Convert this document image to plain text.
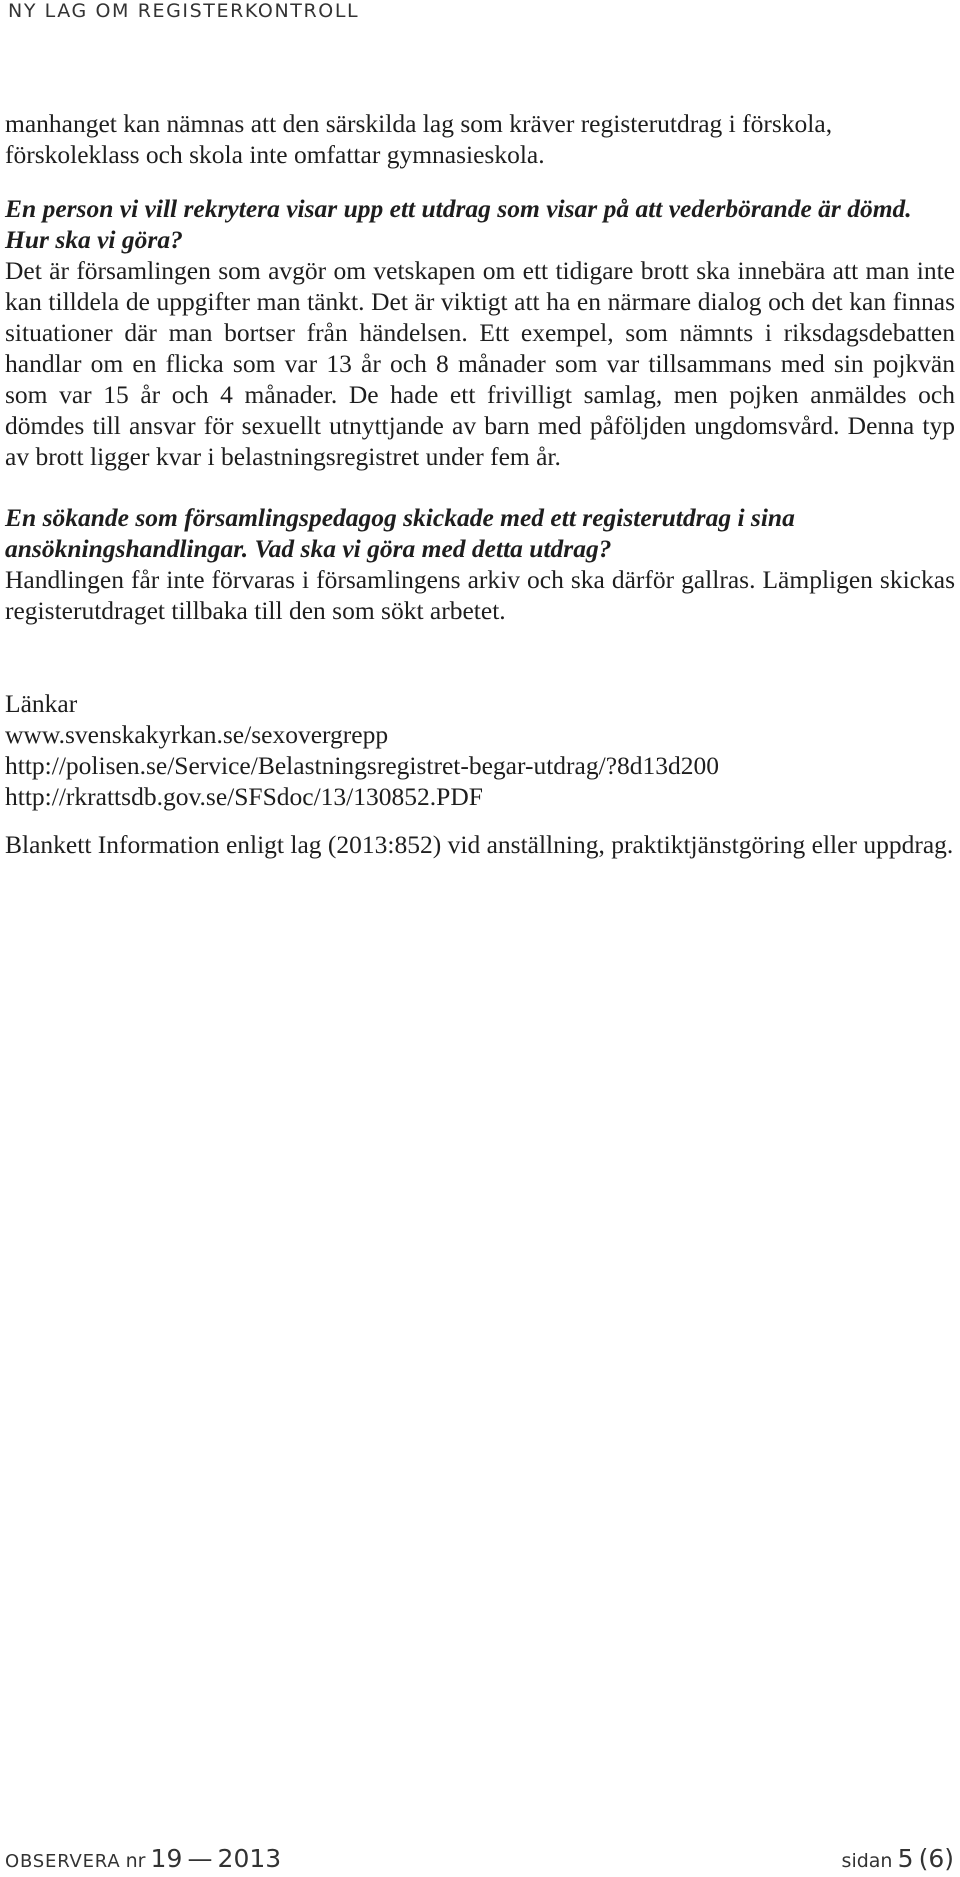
NY LAG OM REGISTERKONTROLL

manhanget kan nämnas att den särskilda lag som kräver registerutdrag i förskola, förskoleklass och skola inte omfattar gymnasieskola.

En person vi vill rekrytera visar upp ett utdrag som visar på att vederbörande är dömd. Hur ska vi göra?

Det är församlingen som avgör om vetskapen om ett tidigare brott ska innebära att man inte kan tilldela de uppgifter man tänkt. Det är viktigt att ha en närmare dialog och det kan finnas situationer där man bortser från händelsen. Ett exempel, som nämnts i riksdagsdebatten handlar om en flicka som var 13 år och 8 månader som var tillsammans med sin pojkvän som var 15 år och 4 månader. De hade ett frivilligt samlag, men pojken anmäldes och dömdes till ansvar för sexuellt utnyttjande av barn med påföljden ungdomsvård. Denna typ av brott ligger kvar i belastningsregistret under fem år.

En sökande som församlingspedagog skickade med ett registerutdrag i sina ansökningshandlingar. Vad ska vi göra med detta utdrag?

Handlingen får inte förvaras i församlingens arkiv och ska därför gallras. Lämpligen skickas registerutdraget tillbaka till den som sökt arbetet.

Länkar

www.svenskakyrkan.se/sexovergrepp
http://polisen.se/Service/Belastningsregistret-begar-utdrag/?8d13d200
http://rkrattsdb.gov.se/SFSdoc/13/130852.PDF

Blankett Information enligt lag (2013:852) vid anställning, praktiktjänstgöring eller uppdrag.

OBSERVERA nr 19 — 2013	sidan 5 (6)
